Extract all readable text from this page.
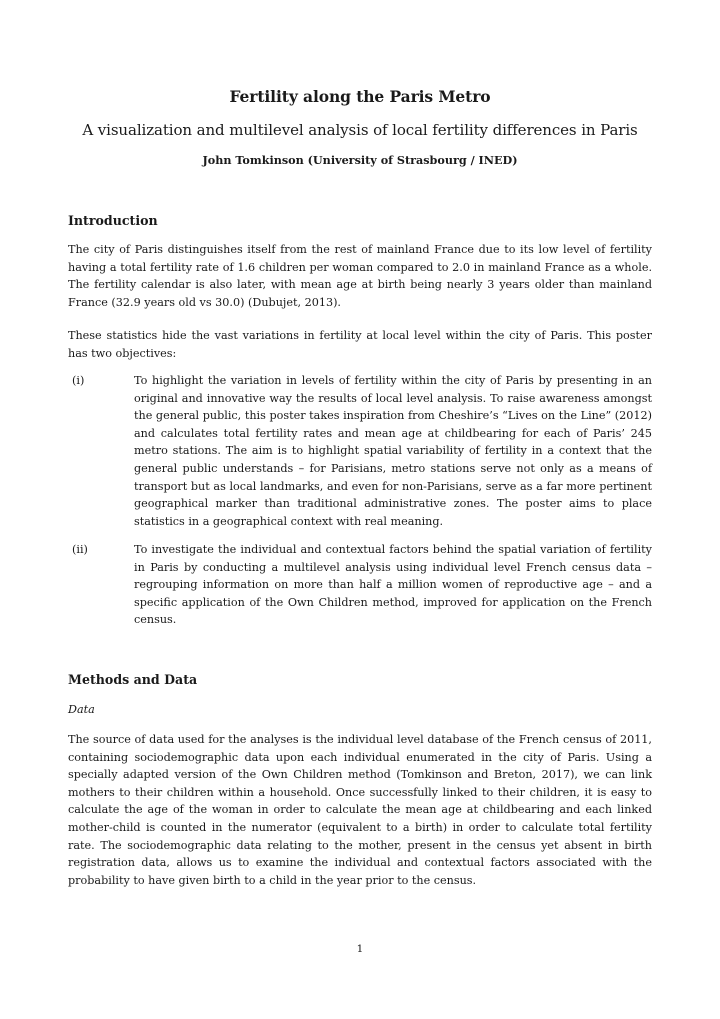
Fertility along the Paris Metro
A visualization and multilevel analysis of local fertility differences in Paris
John Tomkinson (University of Strasbourg / INED)
Introduction
The city of Paris distinguishes itself from the rest of mainland France due to its low level of fertility having a total fertility rate of 1.6 children per woman compared to 2.0 in mainland France as a whole. The fertility calendar is also later, with mean age at birth being nearly 3 years older than mainland France (32.9 years old vs 30.0) (Dubujet, 2013).
These statistics hide the vast variations in fertility at local level within the city of Paris. This poster has two objectives:
(i)	To highlight the variation in levels of fertility within the city of Paris by presenting in an original and innovative way the results of local level analysis. To raise awareness amongst the general public, this poster takes inspiration from Cheshire’s “Lives on the Line” (2012) and calculates total fertility rates and mean age at childbearing for each of Paris’ 245 metro stations. The aim is to highlight spatial variability of fertility in a context that the general public understands – for Parisians, metro stations serve not only as a means of transport but as local landmarks, and even for non-Parisians, serve as a far more pertinent geographical marker than traditional administrative zones. The poster aims to place statistics in a geographical context with real meaning.
(ii)	To investigate the individual and contextual factors behind the spatial variation of fertility in Paris by conducting a multilevel analysis using individual level French census data – regrouping information on more than half a million women of reproductive age – and a specific application of the Own Children method, improved for application on the French census.
Methods and Data
Data
The source of data used for the analyses is the individual level database of the French census of 2011, containing sociodemographic data upon each individual enumerated in the city of Paris. Using a specially adapted version of the Own Children method (Tomkinson and Breton, 2017), we can link mothers to their children within a household. Once successfully linked to their children, it is easy to calculate the age of the woman in order to calculate the mean age at childbearing and each linked mother-child is counted in the numerator (equivalent to a birth) in order to calculate total fertility rate. The sociodemographic data relating to the mother, present in the census yet absent in birth registration data, allows us to examine the individual and contextual factors associated with the probability to have given birth to a child in the year prior to the census.
1
